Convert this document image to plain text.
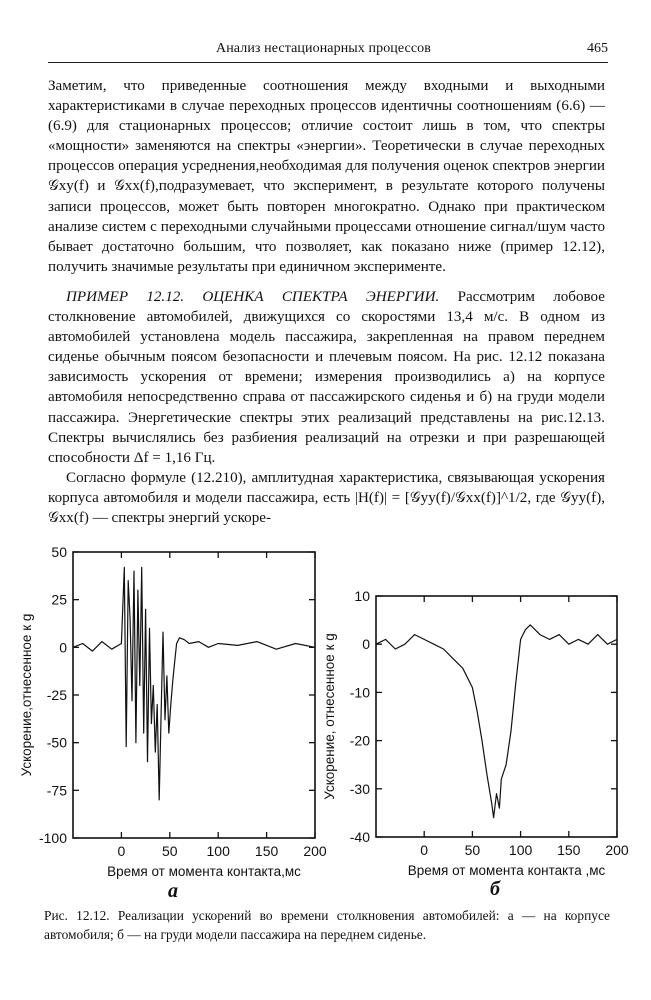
Анализ нестационарных процессов	465

Заметим, что приведенные соотношения между входными и выходными характеристиками в случае переходных процессов идентичны соотношениям (6.6) — (6.9) для стационарных процессов; отличие состоит лишь в том, что спектры «мощности» заменяются на спектры «энергии». Теоретически в случае переходных процессов операция усреднения,необходимая для получения оценок спектров энергии 𝒢xy(f) и 𝒢xx(f),подразумевает, что эксперимент, в результате которого получены записи процессов, может быть повторен многократно. Однако при практическом анализе систем с переходными случайными процессами отношение сигнал/шум часто бывает достаточно большим, что позволяет, как показано ниже (пример 12.12), получить значимые результаты при единичном эксперименте.

ПРИМЕР 12.12. ОЦЕНКА СПЕКТРА ЭНЕРГИИ. Рассмотрим лобовое столкновение автомобилей, движущихся со скоростями 13,4 м/с. В одном из автомобилей установлена модель пассажира, закрепленная на правом переднем сиденье обычным поясом безопасности и плечевым поясом. На рис. 12.12 показана зависимость ускорения от времени; измерения производились а) на корпусе автомобиля непосредственно справа от пассажирского сиденья и б) на груди модели пассажира. Энергетические спектры этих реализаций представлены на рис.12.13. Спектры вычислялись без разбиения реализаций на отрезки и при разрешающей способности Δf = 1,16 Гц.

Согласно формуле (12.210), амплитудная характеристика, связывающая ускорения корпуса автомобиля и модели пассажира, есть |H(f)| = [𝒢yy(f)/𝒢xx(f)]^1/2, где 𝒢yy(f), 𝒢xx(f) — спектры энергий ускоре-

0	50 100 150 200
50
25
0
-25
-50
-75
-100
Время от момента контакта,мс
Ускорение,отнесенное к g
0	50 100 150 200
10
0
-10
-20
-30
-40
Время от момента контакта ,мс
Ускорение, отнесенное к g
а	б
Рис. 12.12. Реализации ускорений во времени столкновения автомобилей: а — на корпусе автомобиля; б — на груди модели пассажира на переднем сиденье.
